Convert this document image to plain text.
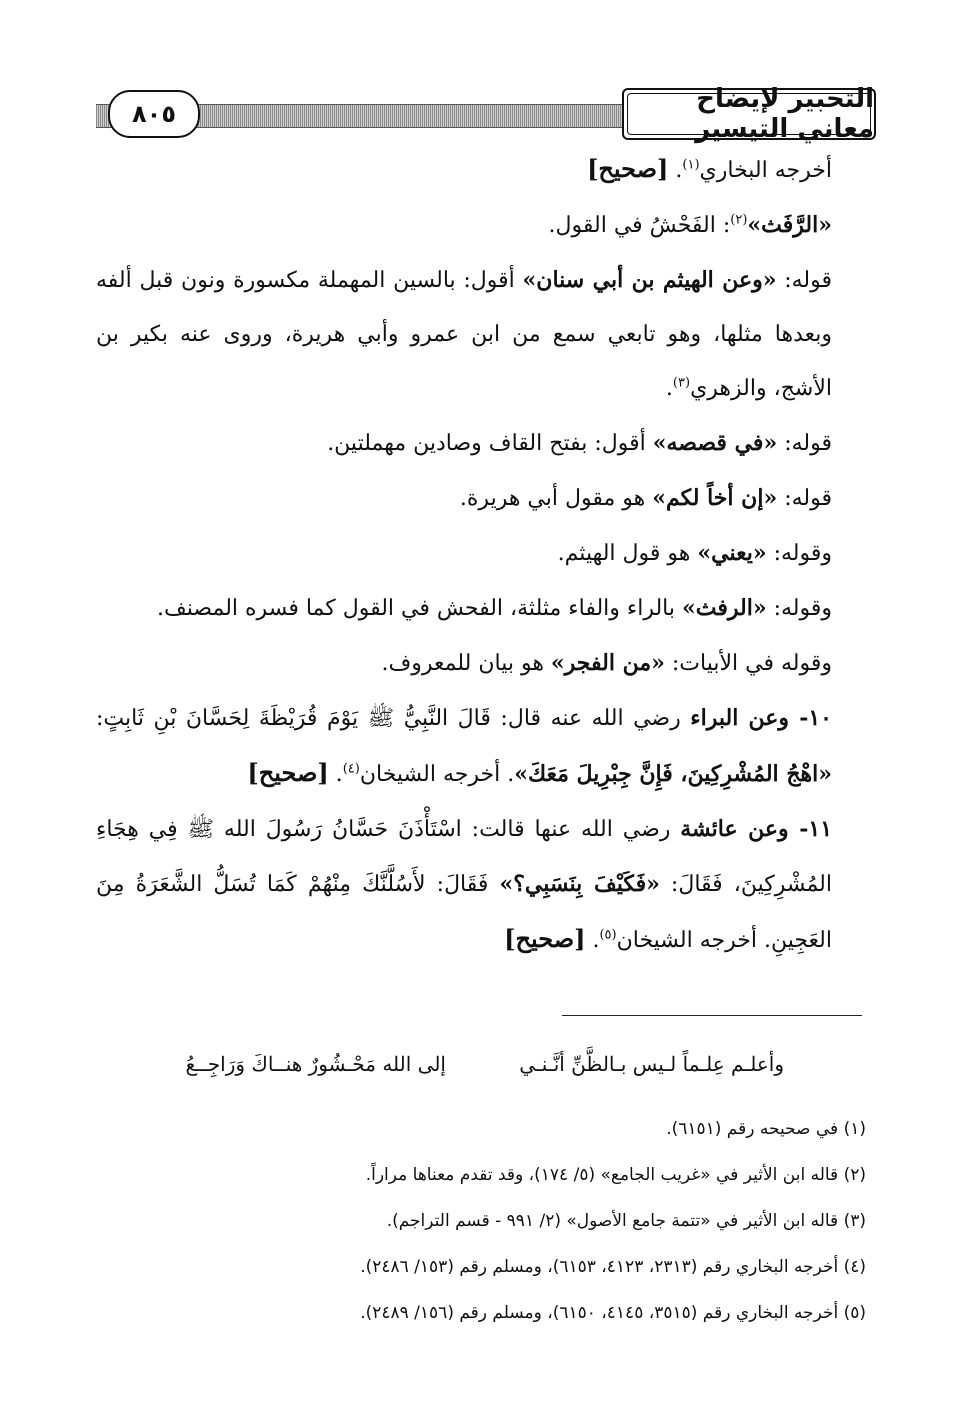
التحبير لإيضاح معاني التيسير
٨٠٥

أخرجه البخاري$^{(١)}$. [صحيح]

«الرَّفَث»$^{(٢)}$: الفَحْشُ في القول.

قوله: «وعن الهيثم بن أبي سنان» أقول: بالسين المهملة مكسورة ونون قبل ألفه وبعدها مثلها، وهو تابعي سمع من ابن عمرو وأبي هريرة، وروى عنه بكير بن الأشج، والزهري$^{(٣)}$.

قوله: «في قصصه» أقول: بفتح القاف وصادين مهملتين.

قوله: «إن أخاً لكم» هو مقول أبي هريرة.

وقوله: «يعني» هو قول الهيثم.

وقوله: «الرفث» بالراء والفاء مثلثة، الفحش في القول كما فسره المصنف.

وقوله في الأبيات: «من الفجر» هو بيان للمعروف.

١٠- وعن البراء رضي الله عنه قال: قَالَ النَّبِيُّ ﷺ يَوْمَ قُرَيْظَةَ لِحَسَّانَ بْنِ ثَابِتٍ: «اهْجُ المُشْرِكِينَ، فَإِنَّ جِبْرِيلَ مَعَكَ». أخرجه الشيخان$^{(٤)}$. [صحيح]

١١- وعن عائشة رضي الله عنها قالت: اسْتَأْذَنَ حَسَّانُ رَسُولَ الله ﷺ فِي هِجَاءِ المُشْرِكِينَ، فَقَالَ: «فَكَيْفَ بِنَسَبِي؟» فَقَالَ: لأَسُلَّنَّكَ مِنْهُمْ كَمَا تُسَلُّ الشَّعَرَةُ مِنَ العَجِينِ. أخرجه الشيخان$^{(٥)}$. [صحيح]

وأعلـم عِلـماً لـيس بـالظَّنِّ أنَّـنـي
إلى الله مَحْـشُورٌ هنــاكَ وَرَاجِــعُ

(١) في صحيحه رقم (٦١٥١).

(٢) قاله ابن الأثير في «غريب الجامع» (٥/ ١٧٤)، وقد تقدم معناها مراراً.

(٣) قاله ابن الأثير في «تتمة جامع الأصول» (٢/ ٩٩١ - قسم التراجم).

(٤) أخرجه البخاري رقم (٢٣١٣، ٤١٢٣، ٦١٥٣)، ومسلم رقم (١٥٣/ ٢٤٨٦).

(٥) أخرجه البخاري رقم (٣٥١٥، ٤١٤٥، ٦١٥٠)، ومسلم رقم (١٥٦/ ٢٤٨٩).
